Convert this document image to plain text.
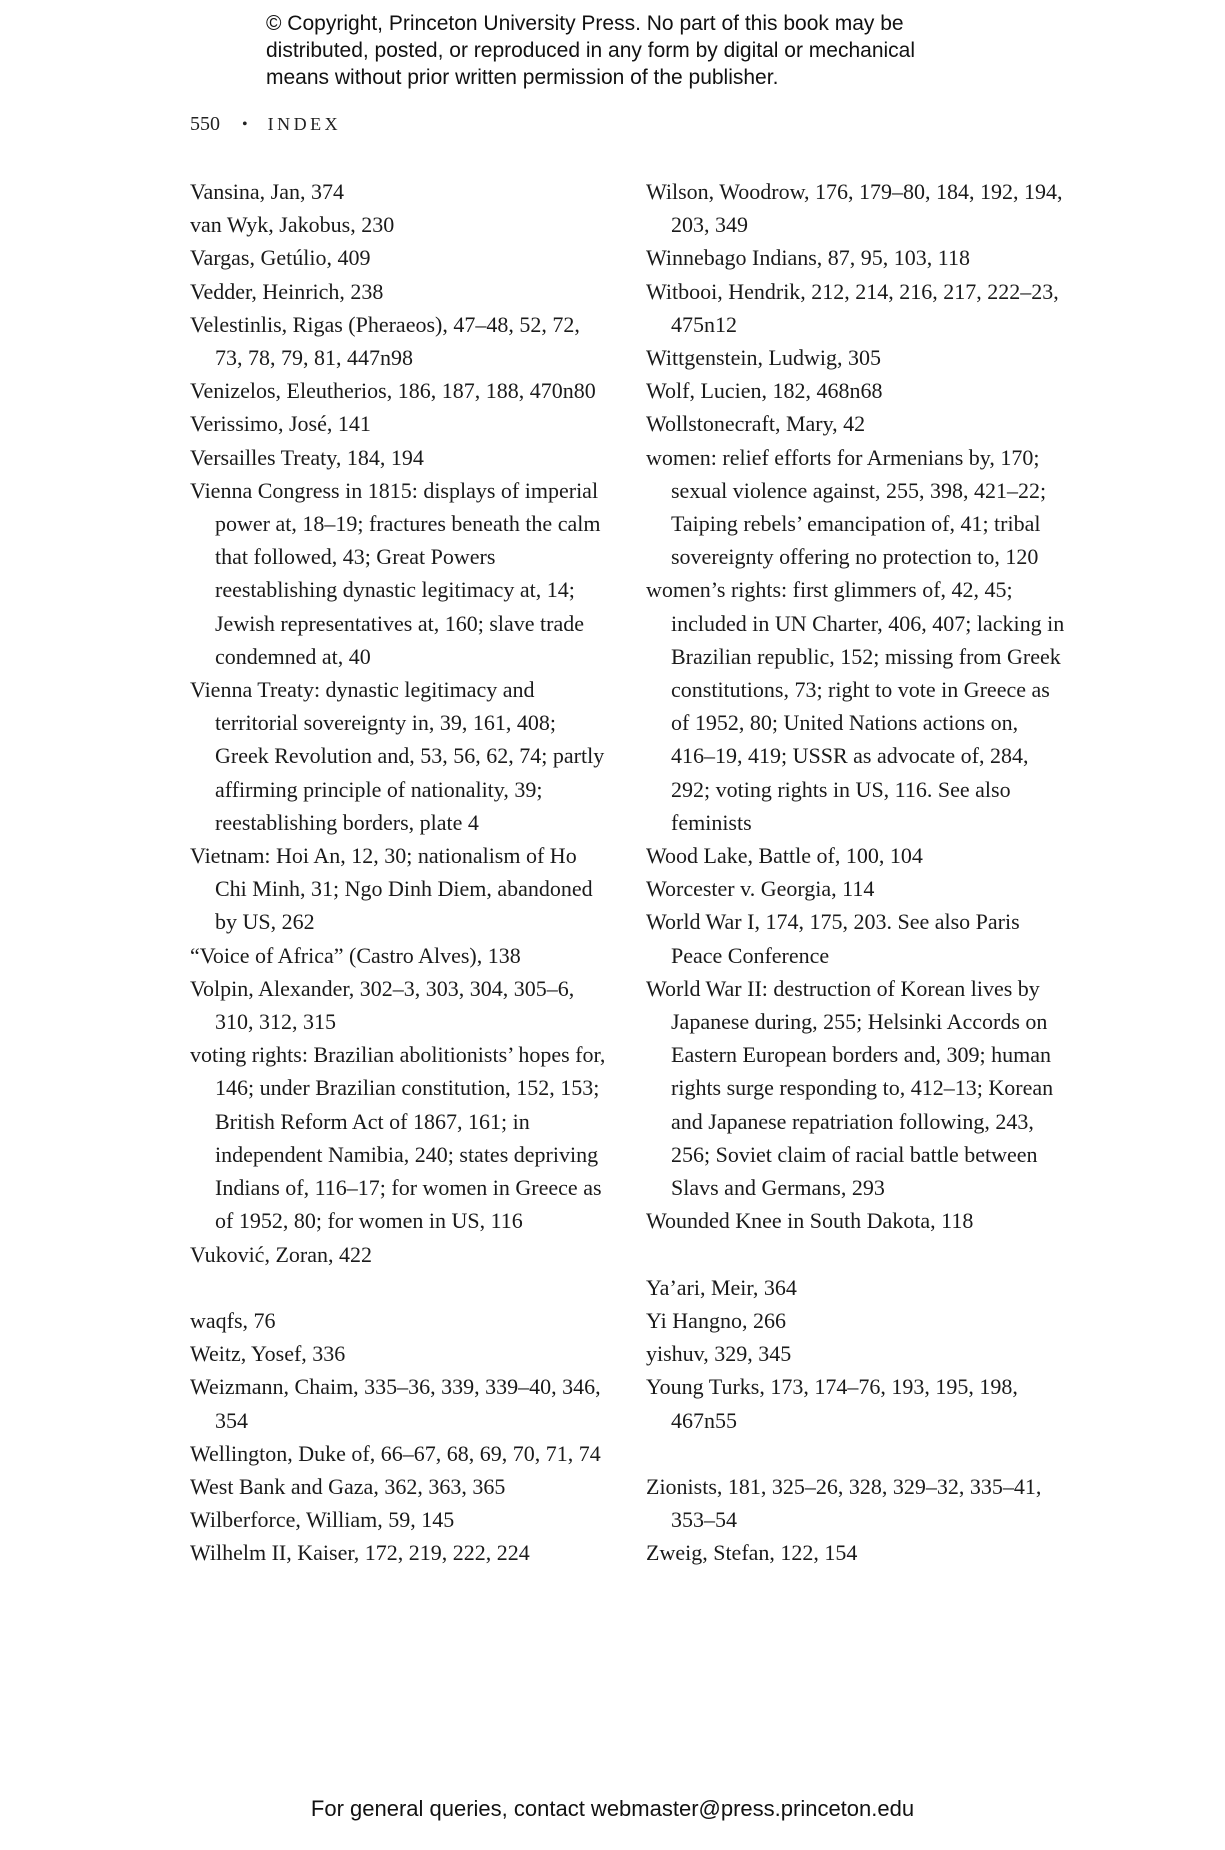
© Copyright, Princeton University Press. No part of this book may be
distributed, posted, or reproduced in any form by digital or mechanical
means without prior written permission of the publisher.
550 • INDEX
Vansina, Jan, 374
van Wyk, Jakobus, 230
Vargas, Getúlio, 409
Vedder, Heinrich, 238
Velestinlis, Rigas (Pheraeos), 47–48, 52, 72, 73, 78, 79, 81, 447n98
Venizelos, Eleutherios, 186, 187, 188, 470n80
Verissimo, José, 141
Versailles Treaty, 184, 194
Vienna Congress in 1815: displays of imperial power at, 18–19; fractures beneath the calm that followed, 43; Great Powers reestablishing dynastic legitimacy at, 14; Jewish representatives at, 160; slave trade condemned at, 40
Vienna Treaty: dynastic legitimacy and territorial sovereignty in, 39, 161, 408; Greek Revolution and, 53, 56, 62, 74; partly affirming principle of nationality, 39; reestablishing borders, plate 4
Vietnam: Hoi An, 12, 30; nationalism of Ho Chi Minh, 31; Ngo Dinh Diem, abandoned by US, 262
“Voice of Africa” (Castro Alves), 138
Volpin, Alexander, 302–3, 303, 304, 305–6, 310, 312, 315
voting rights: Brazilian abolitionists’ hopes for, 146; under Brazilian constitution, 152, 153; British Reform Act of 1867, 161; in independent Namibia, 240; states depriving Indians of, 116–17; for women in Greece as of 1952, 80; for women in US, 116
Vuković, Zoran, 422
waqfs, 76
Weitz, Yosef, 336
Weizmann, Chaim, 335–36, 339, 339–40, 346, 354
Wellington, Duke of, 66–67, 68, 69, 70, 71, 74
West Bank and Gaza, 362, 363, 365
Wilberforce, William, 59, 145
Wilhelm II, Kaiser, 172, 219, 222, 224
Wilson, Woodrow, 176, 179–80, 184, 192, 194, 203, 349
Winnebago Indians, 87, 95, 103, 118
Witbooi, Hendrik, 212, 214, 216, 217, 222–23, 475n12
Wittgenstein, Ludwig, 305
Wolf, Lucien, 182, 468n68
Wollstonecraft, Mary, 42
women: relief efforts for Armenians by, 170; sexual violence against, 255, 398, 421–22; Taiping rebels’ emancipation of, 41; tribal sovereignty offering no protection to, 120
women’s rights: first glimmers of, 42, 45; included in UN Charter, 406, 407; lacking in Brazilian republic, 152; missing from Greek constitutions, 73; right to vote in Greece as of 1952, 80; United Nations actions on, 416–19, 419; USSR as advocate of, 284, 292; voting rights in US, 116. See also feminists
Wood Lake, Battle of, 100, 104
Worcester v. Georgia, 114
World War I, 174, 175, 203. See also Paris Peace Conference
World War II: destruction of Korean lives by Japanese during, 255; Helsinki Accords on Eastern European borders and, 309; human rights surge responding to, 412–13; Korean and Japanese repatriation following, 243, 256; Soviet claim of racial battle between Slavs and Germans, 293
Wounded Knee in South Dakota, 118
Ya’ari, Meir, 364
Yi Hangno, 266
yishuv, 329, 345
Young Turks, 173, 174–76, 193, 195, 198, 467n55
Zionists, 181, 325–26, 328, 329–32, 335–41, 353–54
Zweig, Stefan, 122, 154
For general queries, contact webmaster@press.princeton.edu
